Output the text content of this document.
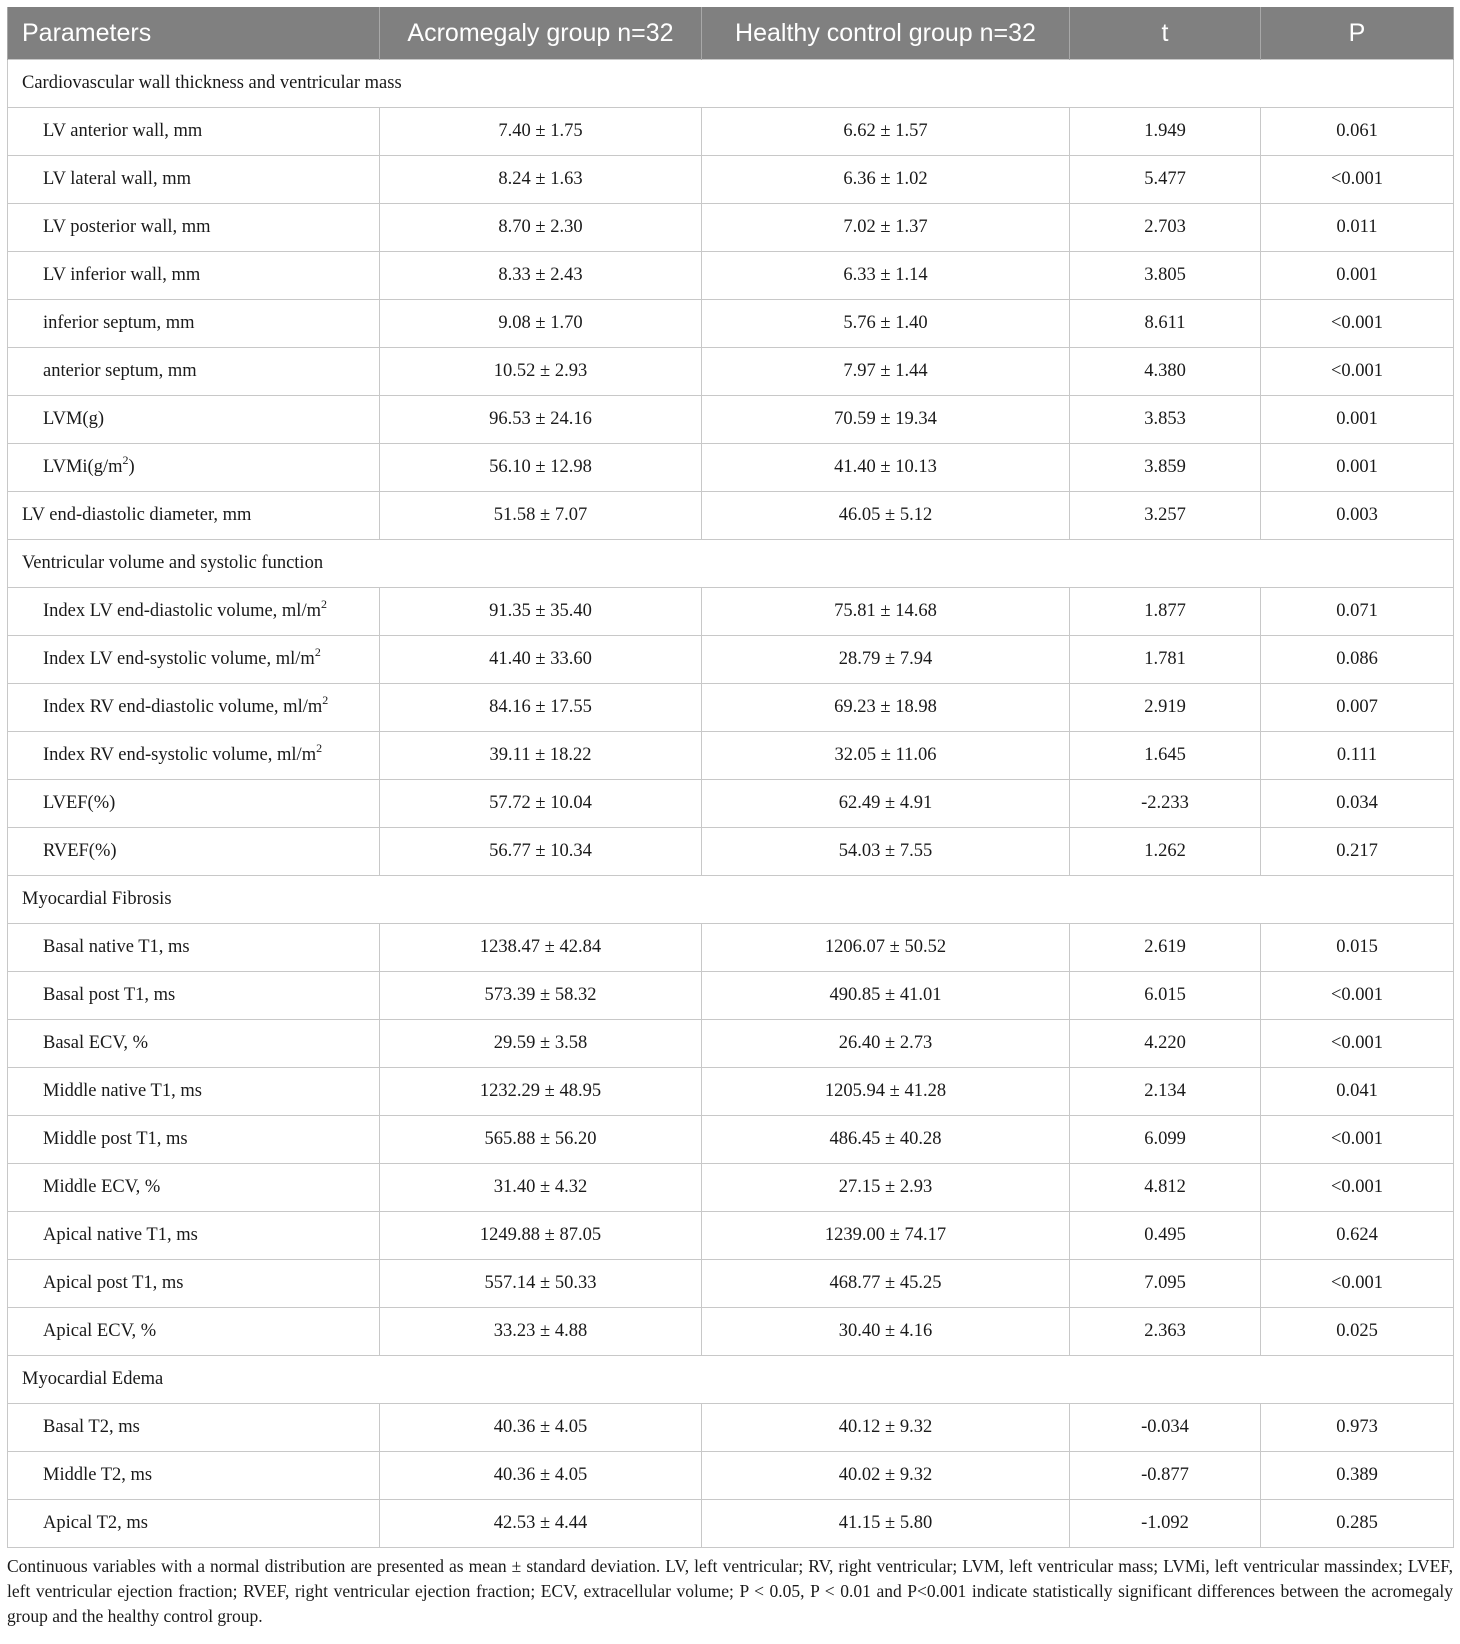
Parameters	Acromegaly group n=32	Healthy control group n=32	t	P
Cardiovascular wall thickness and ventricular mass				
LV anterior wall, mm	7.40 ± 1.75	6.62 ± 1.57	1.949	0.061
LV lateral wall, mm	8.24 ± 1.63	6.36 ± 1.02	5.477	<0.001
LV posterior wall, mm	8.70 ± 2.30	7.02 ± 1.37	2.703	0.011
LV inferior wall, mm	8.33 ± 2.43	6.33 ± 1.14	3.805	0.001
inferior septum, mm	9.08 ± 1.70	5.76 ± 1.40	8.611	<0.001
anterior septum, mm	10.52 ± 2.93	7.97 ± 1.44	4.380	<0.001
LVM(g)	96.53 ± 24.16	70.59 ± 19.34	3.853	0.001
$LVMi(g/m^2)$	56.10 ± 12.98	41.40 ± 10.13	3.859	0.001
LV end-diastolic diameter, mm	51.58 ± 7.07	46.05 ± 5.12	3.257	0.003
Ventricular volume and systolic function				
Index LV end-diastolic volume, $ml/m^2$	91.35 ± 35.40	75.81 ± 14.68	1.877	0.071
Index LV end-systolic volume, $ml/m^2$	41.40 ± 33.60	28.79 ± 7.94	1.781	0.086
Index RV end-diastolic volume, $ml/m^2$	84.16 ± 17.55	69.23 ± 18.98	2.919	0.007
Index RV end-systolic volume, $ml/m^2$	39.11 ± 18.22	32.05 ± 11.06	1.645	0.111
LVEF(%)	57.72 ± 10.04	62.49 ± 4.91	-2.233	0.034
RVEF(%)	56.77 ± 10.34	54.03 ± 7.55	1.262	0.217
Myocardial Fibrosis				
Basal native T1, ms	1238.47 ± 42.84	1206.07 ± 50.52	2.619	0.015
Basal post T1, ms	573.39 ± 58.32	490.85 ± 41.01	6.015	<0.001
Basal ECV, %	29.59 ± 3.58	26.40 ± 2.73	4.220	<0.001
Middle native T1, ms	1232.29 ± 48.95	1205.94 ± 41.28	2.134	0.041
Middle post T1, ms	565.88 ± 56.20	486.45 ± 40.28	6.099	<0.001
Middle ECV, %	31.40 ± 4.32	27.15 ± 2.93	4.812	<0.001
Apical native T1, ms	1249.88 ± 87.05	1239.00 ± 74.17	0.495	0.624
Apical post T1, ms	557.14 ± 50.33	468.77 ± 45.25	7.095	<0.001
Apical ECV, %	33.23 ± 4.88	30.40 ± 4.16	2.363	0.025
Myocardial Edema				
Basal T2, ms	40.36 ± 4.05	40.12 ± 9.32	-0.034	0.973
Middle T2, ms	40.36 ± 4.05	40.02 ± 9.32	-0.877	0.389
Apical T2, ms	42.53 ± 4.44	41.15 ± 5.80	-1.092	0.285
Continuous variables with a normal distribution are presented as mean ± standard deviation. LV, left ventricular; RV, right ventricular; LVM, left ventricular mass; LVMi, left ventricular massindex; LVEF, left ventricular ejection fraction; RVEF, right ventricular ejection fraction; ECV, extracellular volume; P < 0.05, P < 0.01 and P<0.001 indicate statistically significant differences between the acromegaly group and the healthy control group.
